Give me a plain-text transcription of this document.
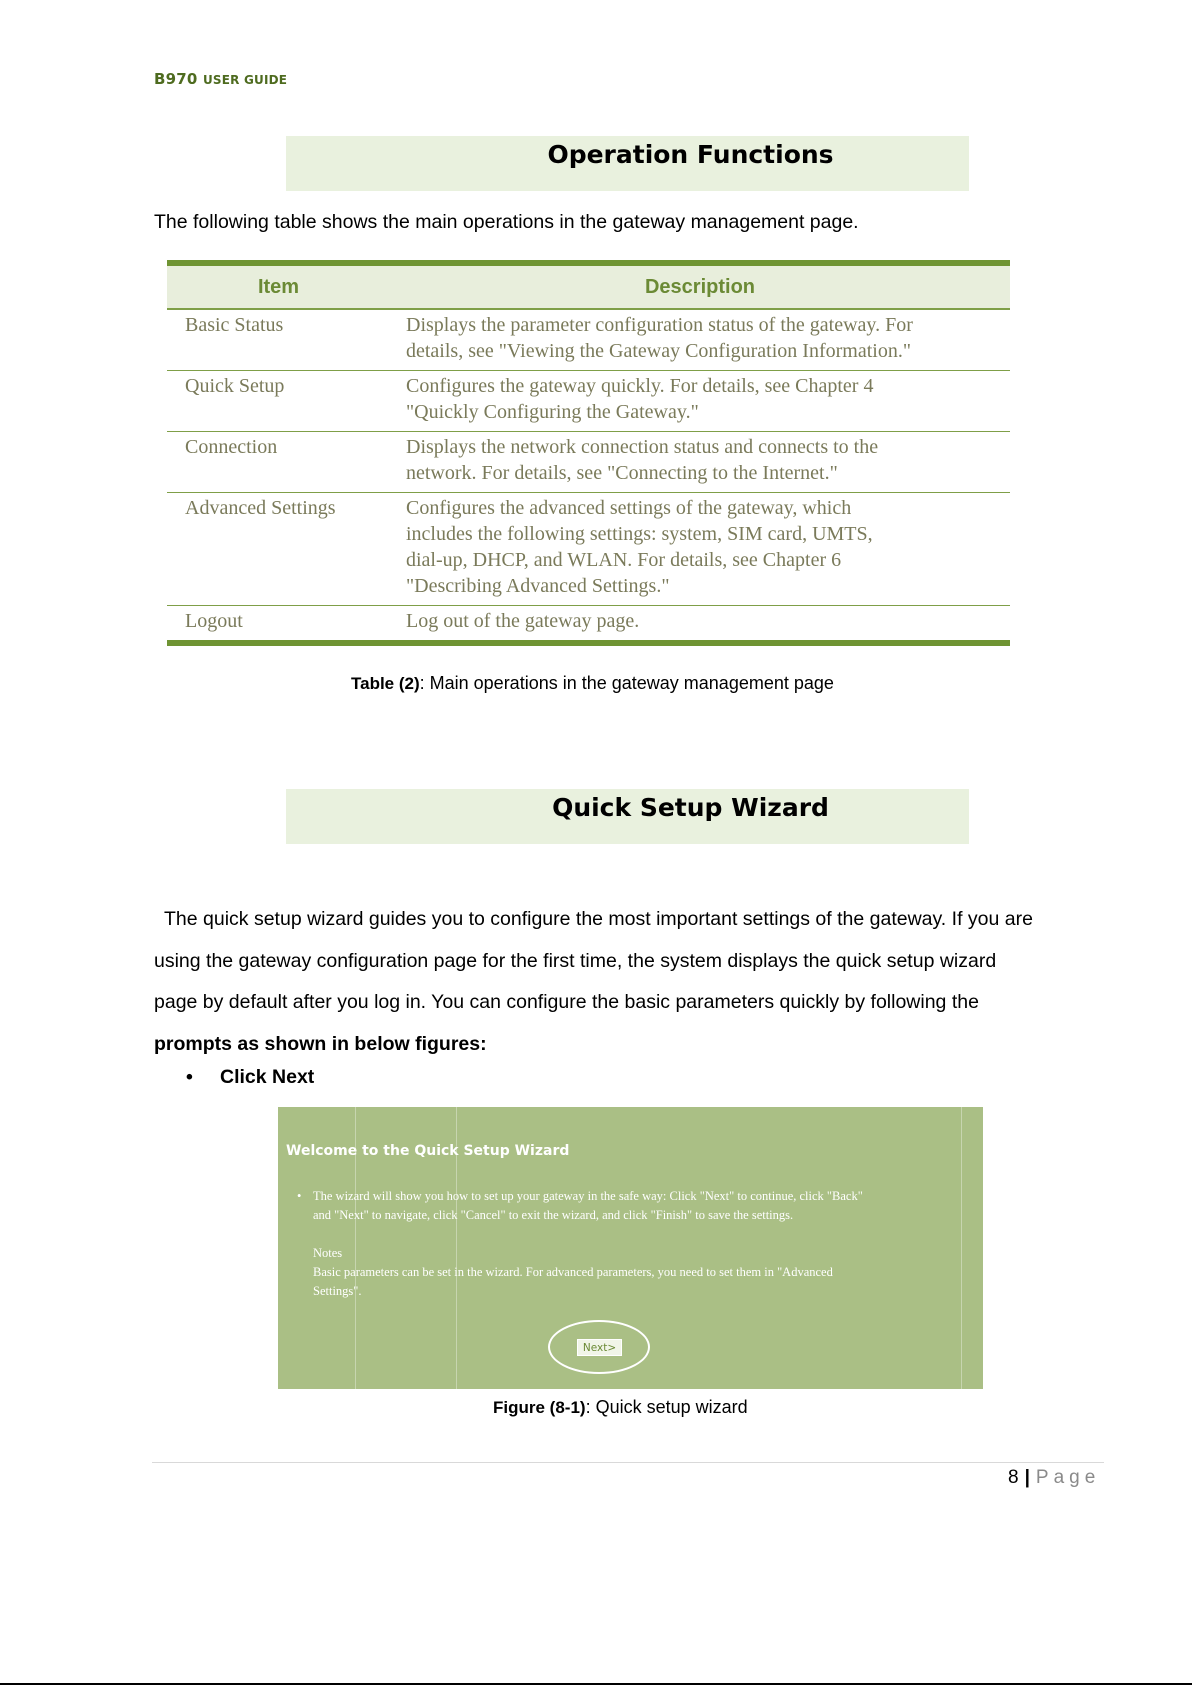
B970 USER GUIDE
Operation Functions
The following table shows the main operations in the gateway management page.
Item	Description
Basic Status	Displays the parameter configuration status of the gateway. For
details, see "Viewing the Gateway Configuration Information."

Quick Setup	Configures the gateway quickly. For details, see Chapter 4
"Quickly Configuring the Gateway."

Connection	Displays the network connection status and connects to the
network. For details, see "Connecting to the Internet."

Advanced Settings	Configures the advanced settings of the gateway, which
includes the following settings: system, SIM card, UMTS,
dial-up, DHCP, and WLAN. For details, see Chapter 6
"Describing Advanced Settings."

Logout	Log out of the gateway page.
Table (2): Main operations in the gateway management page
Quick Setup Wizard
The quick setup wizard guides you to configure the most important settings of the gateway. If you are
using the gateway configuration page for the first time, the system displays the quick setup wizard
page by default after you log in. You can configure the basic parameters quickly by following the
prompts as shown in below figures:
• Click Next
Welcome to the Quick Setup Wizard
• The wizard will show you how to set up your gateway in the safe way: Click "Next" to continue, click "Back"
and "Next" to navigate, click "Cancel" to exit the wizard, and click "Finish" to save the settings.
Notes
Basic parameters can be set in the wizard. For advanced parameters, you need to set them in "Advanced
Settings".
Next>
Figure (8-1): Quick setup wizard
8 | Page
